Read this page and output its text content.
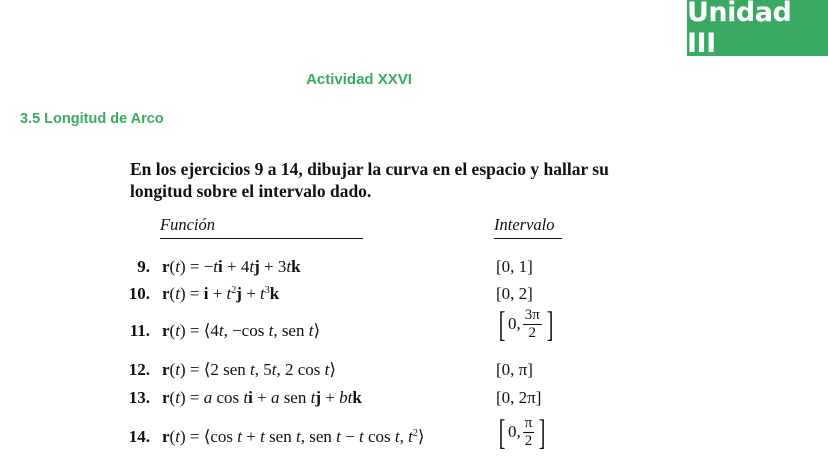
Unidad III
Actividad XXVI
3.5 Longitud de Arco
En los ejercicios 9 a 14, dibujar la curva en el espacio y hallar su longitud sobre el intervalo dado.
Función	Intervalo
9. r(t) = −ti + 4tj + 3tk	[0, 1]
10. $r(t) = i + t^2j + t^3k$	[0, 2]
11. r(t) = ⟨4t, −cos t, sen t⟩	[ 0, $\frac{3\pi}{2}$ ]
12. r(t) = ⟨2 sen t, 5t, 2 cos t⟩	[0, π]
13. r(t) = a cos ti + a sen tj + btk	[0, 2π]
14. r(t) = ⟨cos t + t sen t, sen t − t cos t, $t^2⟩$ [ 0, $\frac{\pi}{2}$ ]
